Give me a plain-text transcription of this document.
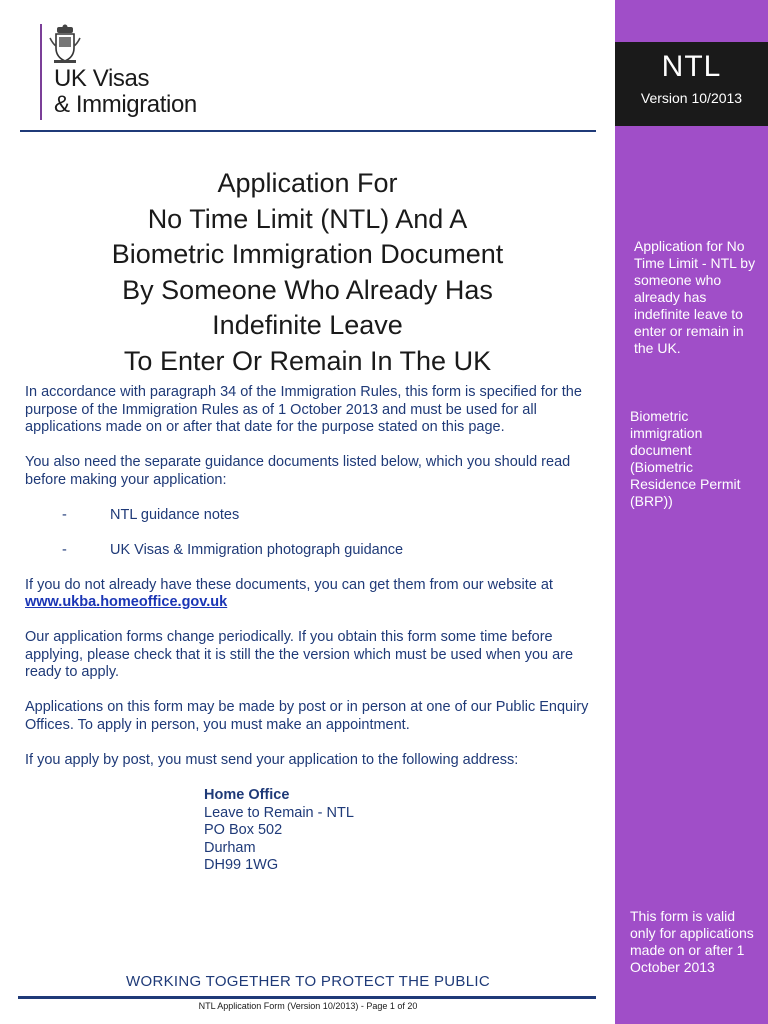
UK Visas
& Immigration
NTL
Version 10/2013
Application for No Time Limit - NTL by someone who already has indefinite leave to enter or remain in the UK.
Biometric immigration document (Biometric Residence Permit (BRP))
This form is valid only for applications made on or after 1 October 2013
Application For
No Time Limit (NTL) And A
Biometric Immigration Document
By Someone Who Already Has
Indefinite Leave
To Enter Or Remain In The UK

In accordance with paragraph 34 of the Immigration Rules, this form is specified for the purpose of the Immigration Rules as of 1 October 2013 and must be used for all applications made on or after that date for the purpose stated on this page.

You also need the separate guidance documents listed below, which you should read before making your application:

-	NTL guidance notes
-	UK Visas & Immigration photograph guidance

If you do not already have these documents, you can get them from our website at
www.ukba.homeoffice.gov.uk

Our application forms change periodically. If you obtain this form some time before applying, please check that it is still the the version which must be used when you are ready to apply.

Applications on this form may be made by post or in person at one of our Public Enquiry Offices. To apply in person, you must make an appointment.

If you apply by post, you must send your application to the following address:

Home Office
Leave to Remain - NTL
PO Box 502
Durham
DH99 1WG
WORKING TOGETHER TO PROTECT THE PUBLIC
NTL Application Form (Version 10/2013) - Page 1 of 20
